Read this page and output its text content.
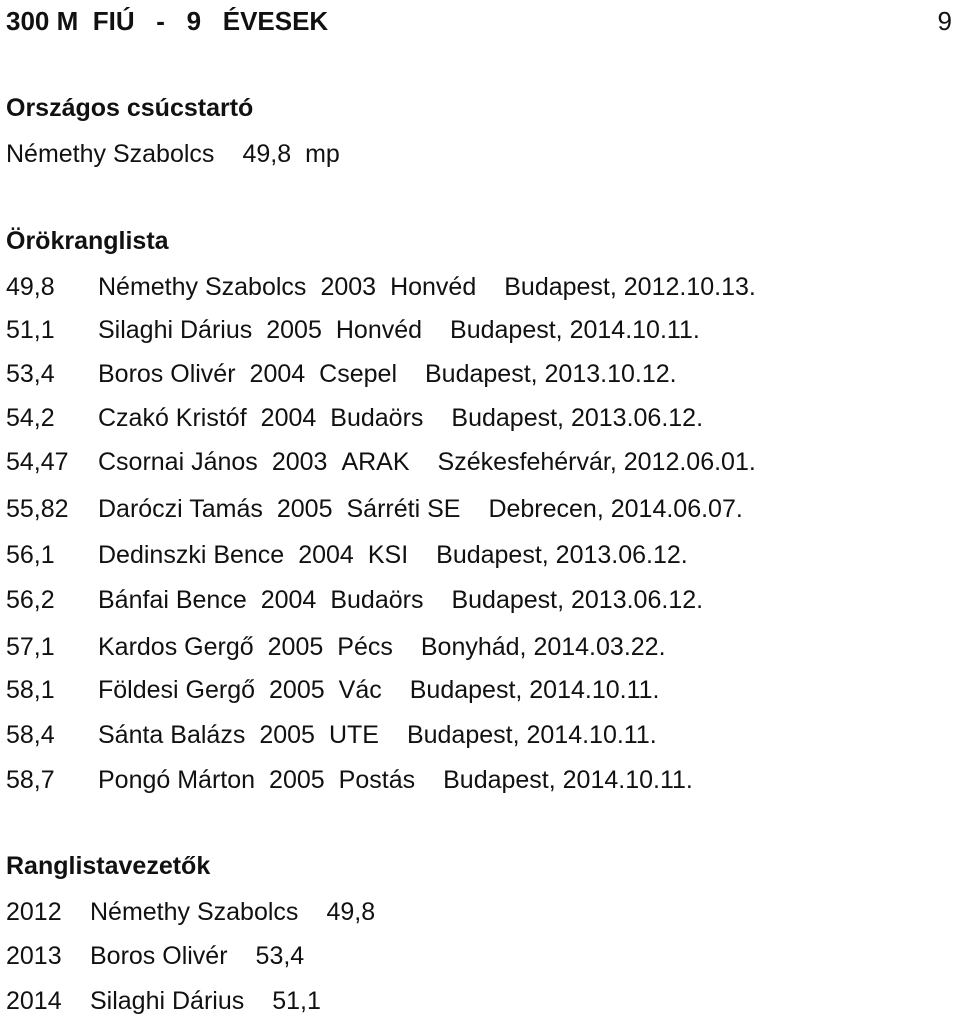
300 M  FIÚ   -   9   ÉVESEK	9
Országos csúcstartó
Némethy Szabolcs 49,8 mp
Örökranglista
49,8 Némethy Szabolcs 2003 Honvéd Budapest, 2012.10.13.
51,1 Silaghi Dárius 2005 Honvéd Budapest, 2014.10.11.
53,4 Boros Olivér 2004 Csepel Budapest, 2013.10.12.
54,2 Czakó Kristóf 2004 Budaörs Budapest, 2013.06.12.
54,47 Csornai János 2003 ARAK Székesfehérvár, 2012.06.01.
55,82 Daróczi Tamás 2005 Sárréti SE Debrecen, 2014.06.07.
56,1 Dedinszki Bence 2004 KSI Budapest, 2013.06.12.
56,2 Bánfai Bence 2004 Budaörs Budapest, 2013.06.12.
57,1 Kardos Gergő 2005 Pécs Bonyhád, 2014.03.22.
58,1 Földesi Gergő 2005 Vác Budapest, 2014.10.11.
58,4 Sánta Balázs 2005 UTE Budapest, 2014.10.11.
58,7 Pongó Márton 2005 Postás Budapest, 2014.10.11.
Ranglistavezetők
2012 Némethy Szabolcs 49,8
2013 Boros Olivér 53,4
2014 Silaghi Dárius 51,1
